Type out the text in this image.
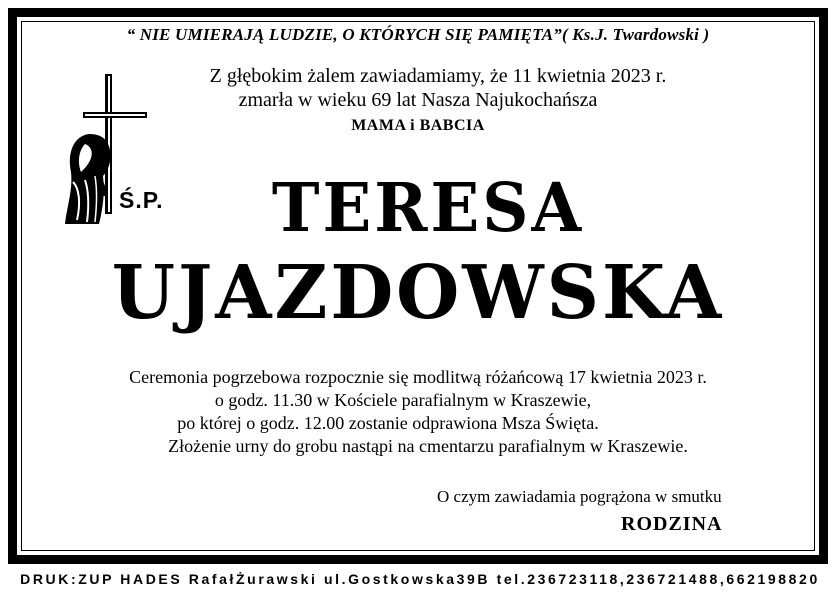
“ NIE UMIERAJĄ LUDZIE, O KTÓRYCH SIĘ PAMIĘTA”( Ks.J. Twardowski )
Z głębokim żalem zawiadamiamy, że 11 kwietnia 2023 r.
zmarła w wieku 69 lat Nasza Najukochańsza
MAMA i BABCIA
Ś.P.	TERESA
UJAZDOWSKA
Ceremonia pogrzebowa rozpocznie się modlitwą różańcową 17 kwietnia 2023 r.
o godz. 11.30 w Kościele parafialnym w Kraszewie,
po której o godz. 12.00 zostanie odprawiona Msza Święta.
Złożenie urny do grobu nastąpi na cmentarzu parafialnym w Kraszewie.
O czym zawiadamia pogrążona w smutku
RODZINA
DRUK:ZUP HADES RafałŻurawski ul.Gostkowska39B tel.236723118,236721488,662198820
